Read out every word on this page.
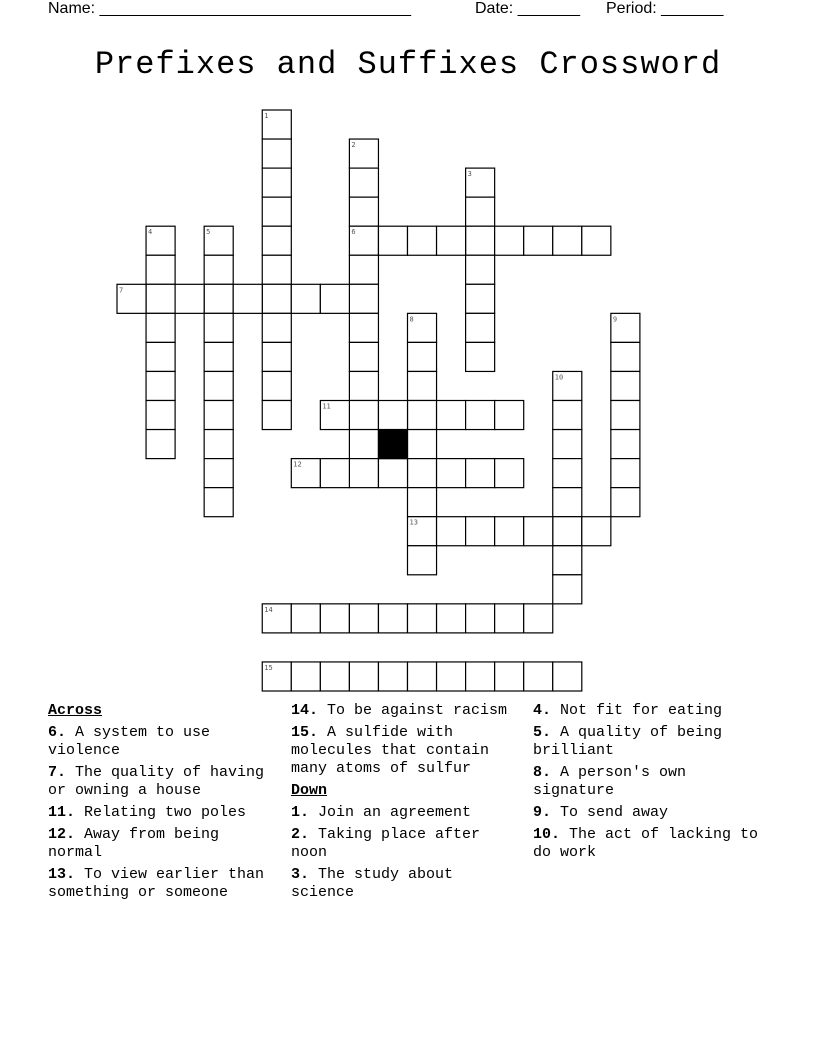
Name: ___________________________________	Date: _______ Period: _______
Prefixes and Suffixes Crossword
1
2
3
4	5	6
7
8	9
10
11
12
13
14
15
Across
6. A system to use violence
7. The quality of having or owning a house
11. Relating two poles
12. Away from being normal
13. To view earlier than something or someone
14. To be against racism
15. A sulfide with molecules that contain many atoms of sulfur
Down
1. Join an agreement
2. Taking place after noon
3. The study about science
4. Not fit for eating
5. A quality of being brilliant
8. A person's own signature
9. To send away
10. The act of lacking to do work
